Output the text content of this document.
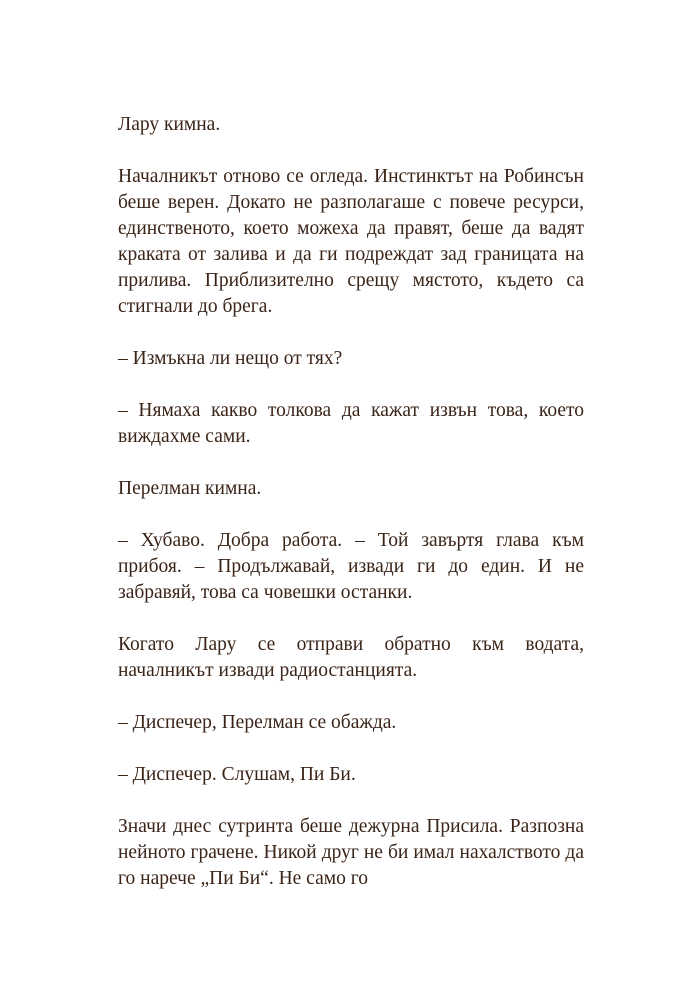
Лару кимна.

Началникът отново се огледа. Инстинктът на Робинсън беше верен. Докато не разполагаше с повече ресурси, единственото, което можеха да правят, беше да вадят краката от залива и да ги подреждат зад границата на прилива. Приблизително срещу мястото, където са стигнали до брега.

– Измъкна ли нещо от тях?

– Нямаха какво толкова да кажат извън това, което виждахме сами.

Перелман кимна.

– Хубаво. Добра работа. – Той завъртя глава към прибоя. – Продължавай, извади ги до един. И не забравяй, това са човешки останки.

Когато Лару се отправи обратно към водата, началникът извади радиостанцията.

– Диспечер, Перелман се обажда.

– Диспечер. Слушам, Пи Би.

Значи днес сутринта беше дежурна Присила. Разпозна нейното грачене. Никой друг не би имал нахалството да го нарече „Пи Би“. Не само го
